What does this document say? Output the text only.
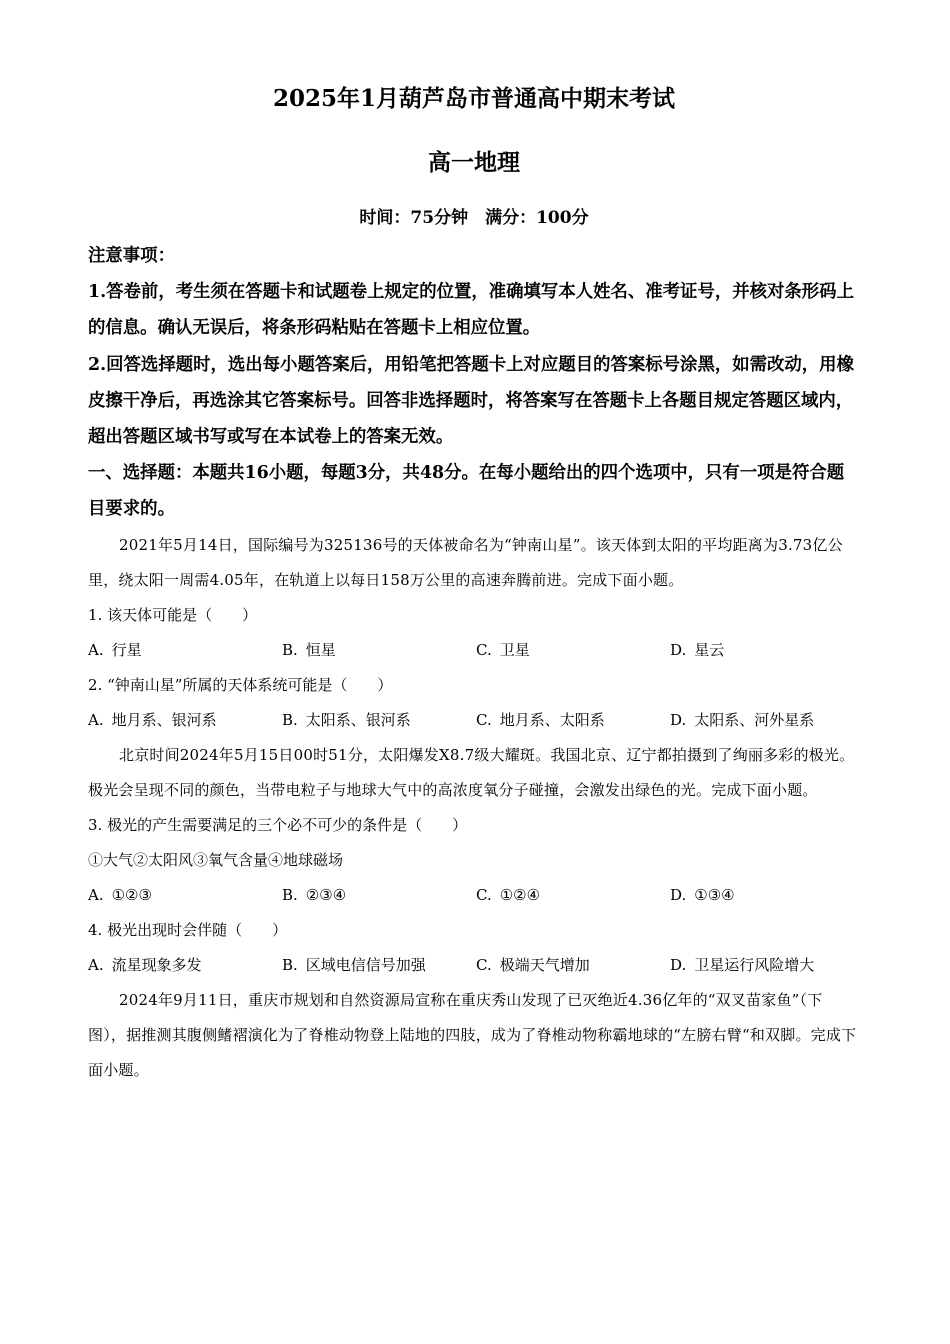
2025年1月葫芦岛市普通高中期末考试
高一地理
时间：75分钟　满分：100分
注意事项：

1.答卷前，考生须在答题卡和试题卷上规定的位置，准确填写本人姓名、准考证号，并核对条形码上的信息。确认无误后，将条形码粘贴在答题卡上相应位置。

2.回答选择题时，选出每小题答案后，用铅笔把答题卡上对应题目的答案标号涂黑，如需改动，用橡皮擦干净后，再选涂其它答案标号。回答非选择题时，将答案写在答题卡上各题目规定答题区域内，超出答题区域书写或写在本试卷上的答案无效。

一、选择题：本题共16小题，每题3分，共48分。在每小题给出的四个选项中，只有一项是符合题目要求的。

2021年5月14日，国际编号为325136号的天体被命名为“钟南山星”。该天体到太阳的平均距离为3.73亿公里，绕太阳一周需4.05年，在轨道上以每日158万公里的高速奔腾前进。完成下面小题。

1. 该天体可能是（　　）
A. 行星	B. 恒星	C. 卫星	D. 星云
2. “钟南山星”所属的天体系统可能是（　　）
A. 地月系、银河系	B. 太阳系、银河系	C. 地月系、太阳系	D. 太阳系、河外星系

北京时间2024年5月15日00时51分，太阳爆发X8.7级大耀斑。我国北京、辽宁都拍摄到了绚丽多彩的极光。极光会呈现不同的颜色，当带电粒子与地球大气中的高浓度氧分子碰撞，会激发出绿色的光。完成下面小题。

3. 极光的产生需要满足的三个必不可少的条件是（　　）
①大气②太阳风③氧气含量④地球磁场
A. ①②③	B. ②③④	C. ①②④	D. ①③④
4. 极光出现时会伴随（　　）
A. 流星现象多发	B. 区域电信信号加强	C. 极端天气增加	D. 卫星运行风险增大

2024年9月11日，重庆市规划和自然资源局宣称在重庆秀山发现了已灭绝近4.36亿年的“双叉苗家鱼”（下图），据推测其腹侧鳍褶演化为了脊椎动物登上陆地的四肢，成为了脊椎动物称霸地球的“左膀右臂“和双脚。完成下面小题。
